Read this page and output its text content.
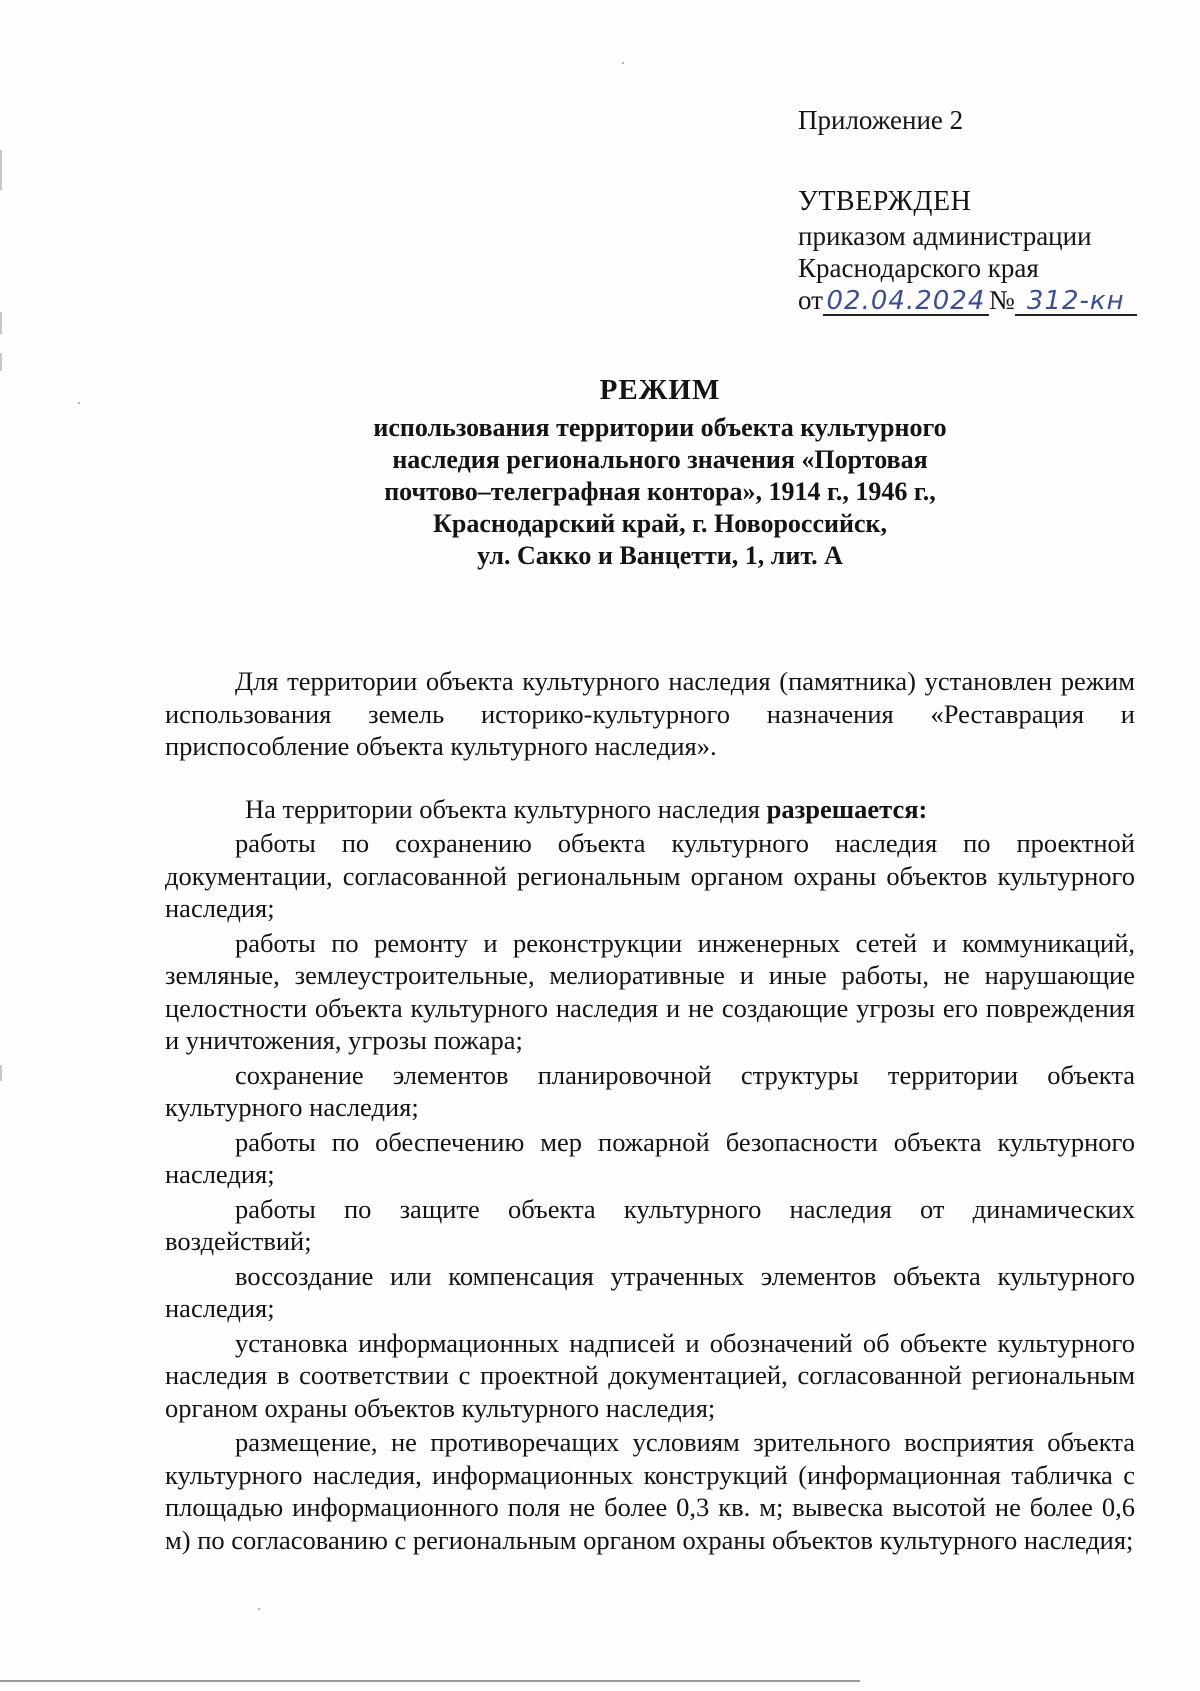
Приложение 2
УТВЕРЖДЕН
приказом администрации
Краснодарского края
от 02.04.2024 № 312-кн
РЕЖИМ
использования территории объекта культурного
наследия регионального значения «Портовая
почтово–телеграфная контора», 1914 г., 1946 г.,
Краснодарский край, г. Новороссийск,
ул. Сакко и Ванцетти, 1, лит. А

Для территории объекта культурного наследия (памятника) установлен режим использования земель историко-культурного назначения «Реставрация и приспособление объекта культурного наследия».

На территории объекта культурного наследия разрешается:

работы по сохранению объекта культурного наследия по проектной документации, согласованной региональным органом охраны объектов культурного наследия;

работы по ремонту и реконструкции инженерных сетей и коммуникаций, земляные, землеустроительные, мелиоративные и иные работы, не нарушающие целостности объекта культурного наследия и не создающие угрозы его повреждения и уничтожения, угрозы пожара;

сохранение элементов планировочной структуры территории объекта культурного наследия;

работы по обеспечению мер пожарной безопасности объекта культурного наследия;

работы по защите объекта культурного наследия от динамических воздействий;

воссоздание или компенсация утраченных элементов объекта культурного наследия;

установка информационных надписей и обозначений об объекте культурного наследия в соответствии с проектной документацией, согласованной региональным органом охраны объектов культурного наследия;

размещение, не противоречащих условиям зрительного восприятия объекта культурного наследия, информационных конструкций (информационная табличка с площадью информационного поля не более 0,3 кв. м; вывеска высотой не более 0,6 м) по согласованию с региональным органом охраны объектов культурного наследия;
